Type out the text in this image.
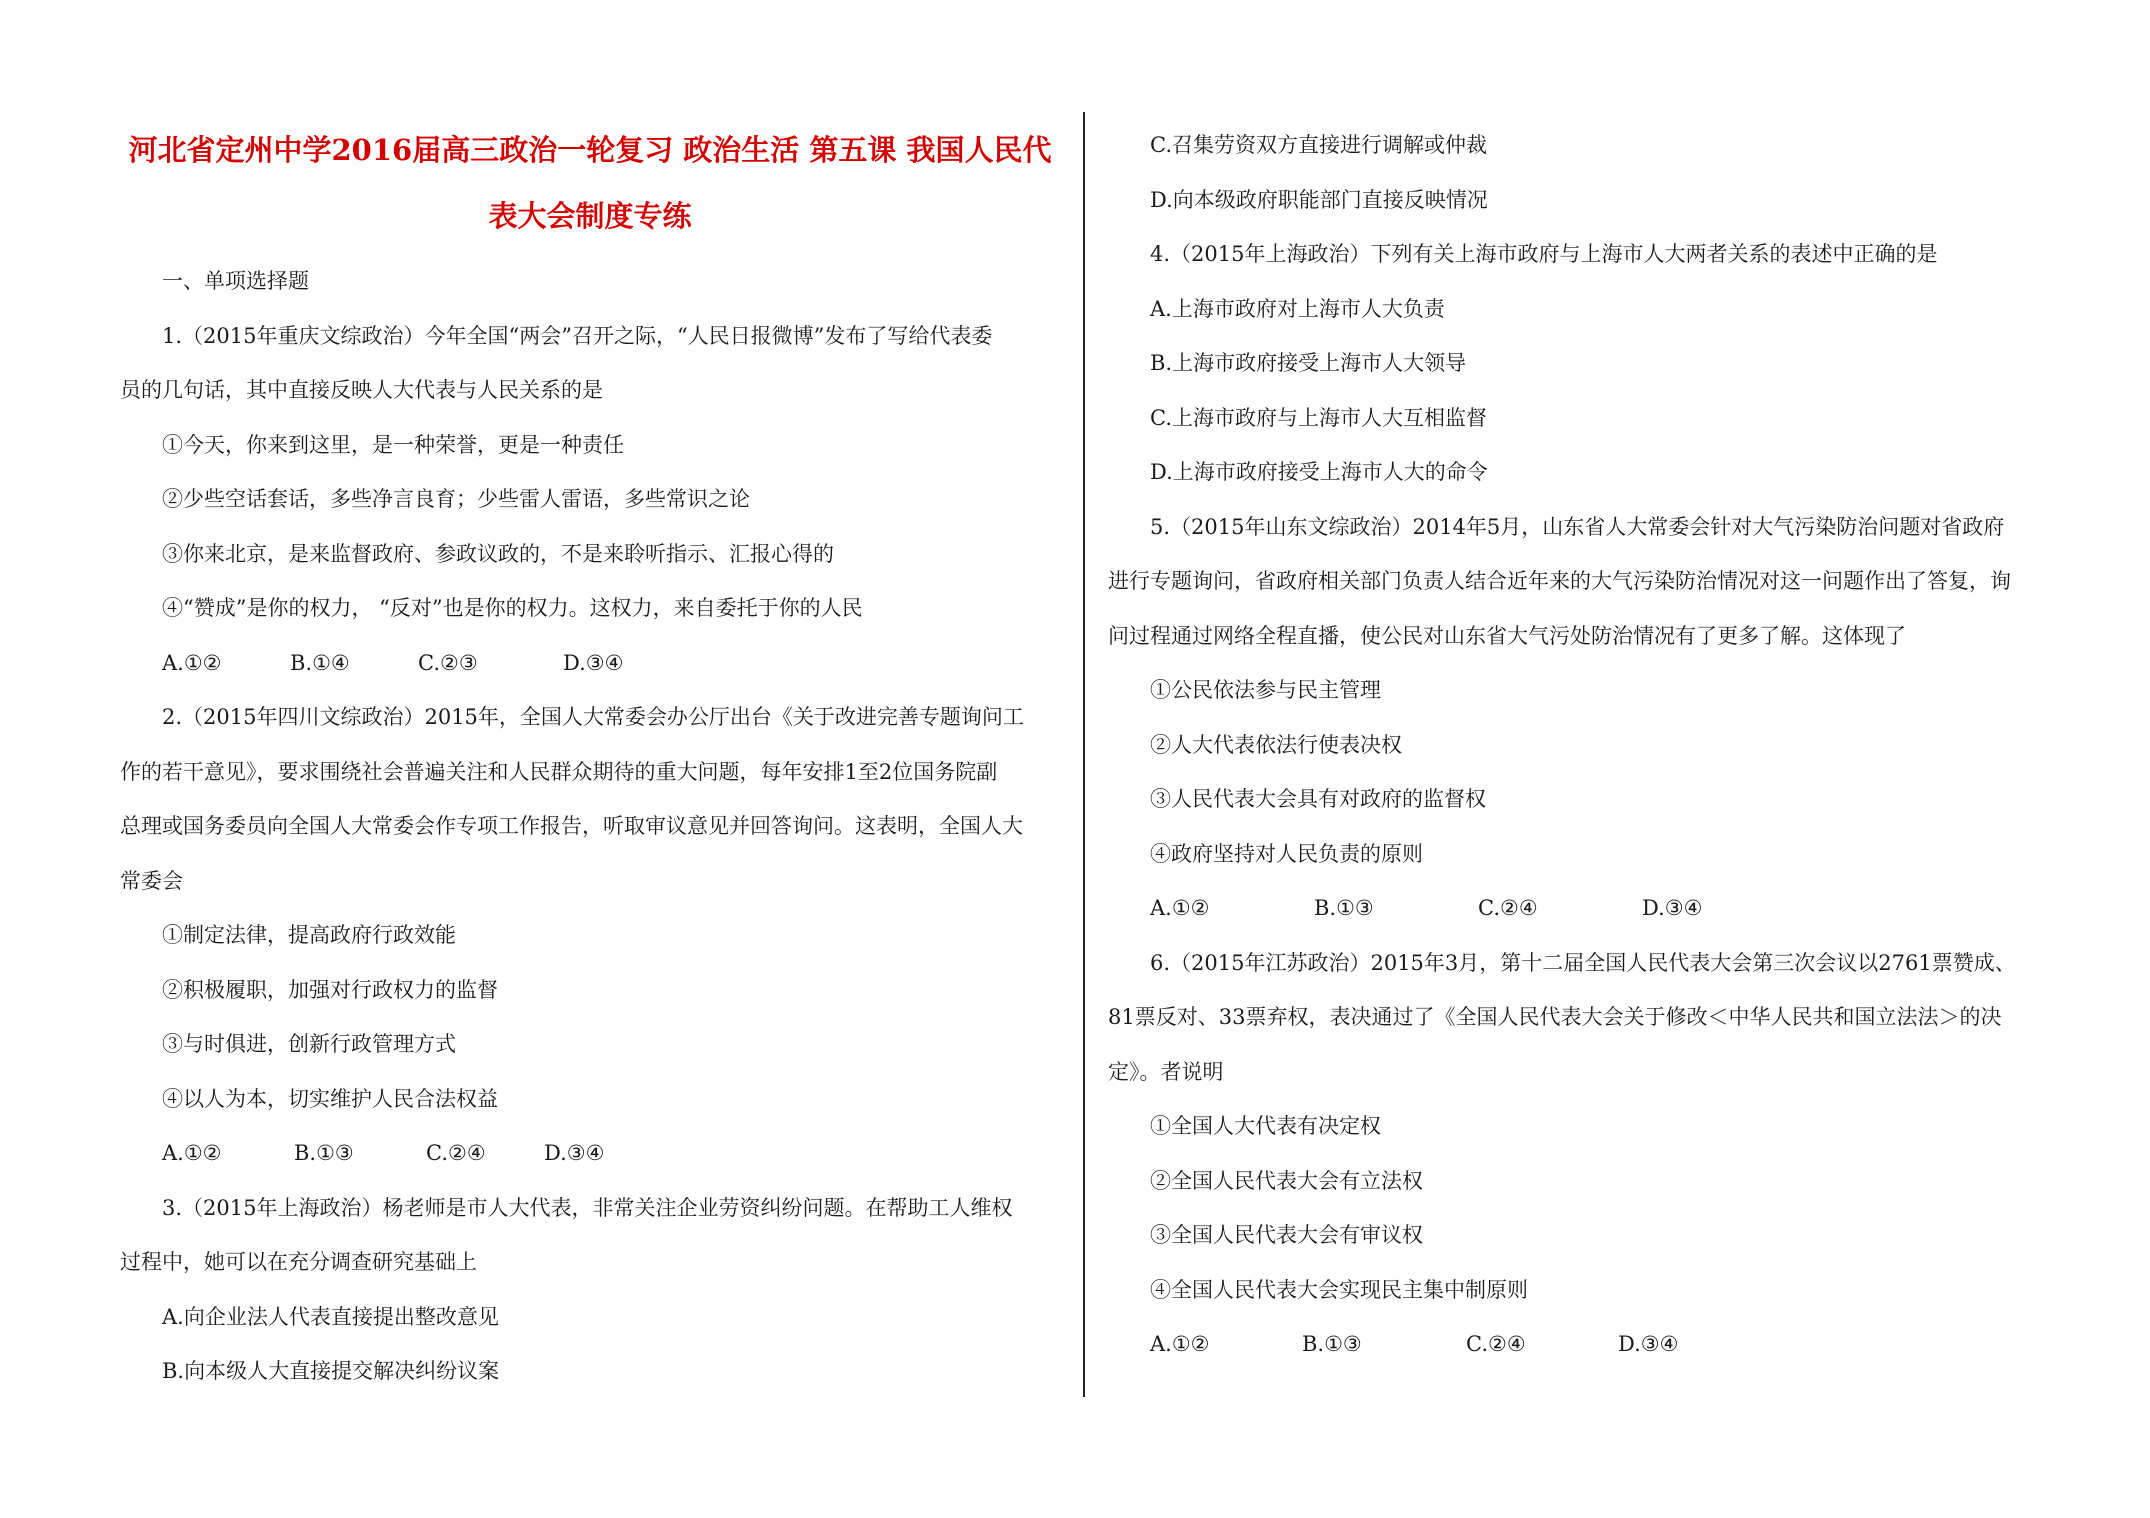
河北省定州中学2016届高三政治一轮复习 政治生活 第五课 我国人民代
表大会制度专练

一、单项选择题

1.（2015年重庆文综政治）今年全国“两会”召开之际，“人民日报微博”发布了写给代表委

员的几句话，其中直接反映人大代表与人民关系的是

①今天，你来到这里，是一种荣誉，更是一种责任

②少些空话套话，多些净言良育；少些雷人雷语，多些常识之论

③你来北京，是来监督政府、参政议政的，不是来聆听指示、汇报心得的

④“赞成”是你的权力， “反对”也是你的权力。这权力，来自委托于你的人民

A.①②	B.①④	C.②③	D.③④

2.（2015年四川文综政治）2015年，全国人大常委会办公厅出台《关于改进完善专题询问工

作的若干意见》，要求围绕社会普遍关注和人民群众期待的重大问题，每年安排1至2位国务院副

总理或国务委员向全国人大常委会作专项工作报告，听取审议意见并回答询问。这表明，全国人大

常委会

①制定法律，提高政府行政效能

②积极履职，加强对行政权力的监督

③与时俱进，创新行政管理方式

④以人为本，切实维护人民合法权益

A.①②	B.①③	C.②④	D.③④

3.（2015年上海政治）杨老师是市人大代表，非常关注企业劳资纠纷问题。在帮助工人维权

过程中，她可以在充分调查研究基础上

A.向企业法人代表直接提出整改意见

B.向本级人大直接提交解决纠纷议案

C.召集劳资双方直接进行调解或仲裁

D.向本级政府职能部门直接反映情况

4.（2015年上海政治）下列有关上海市政府与上海市人大两者关系的表述中正确的是

A.上海市政府对上海市人大负责

B.上海市政府接受上海市人大领导

C.上海市政府与上海市人大互相监督

D.上海市政府接受上海市人大的命令

5.（2015年山东文综政治）2014年5月，山东省人大常委会针对大气污染防治问题对省政府

进行专题询问，省政府相关部门负责人结合近年来的大气污染防治情况对这一问题作出了答复，询

问过程通过网络全程直播，使公民对山东省大气污处防治情况有了更多了解。这体现了

①公民依法参与民主管理

②人大代表依法行使表决权

③人民代表大会具有对政府的监督权

④政府坚持对人民负责的原则

A.①②	B.①③	C.②④	D.③④

6.（2015年江苏政治）2015年3月，第十二届全国人民代表大会第三次会议以2761票赞成、

81票反对、33票弃权，表决通过了《全国人民代表大会关于修改＜中华人民共和国立法法＞的决

定》。者说明

①全国人大代表有决定权

②全国人民代表大会有立法权

③全国人民代表大会有审议权

④全国人民代表大会实现民主集中制原则

A.①②	B.①③	C.②④	D.③④
